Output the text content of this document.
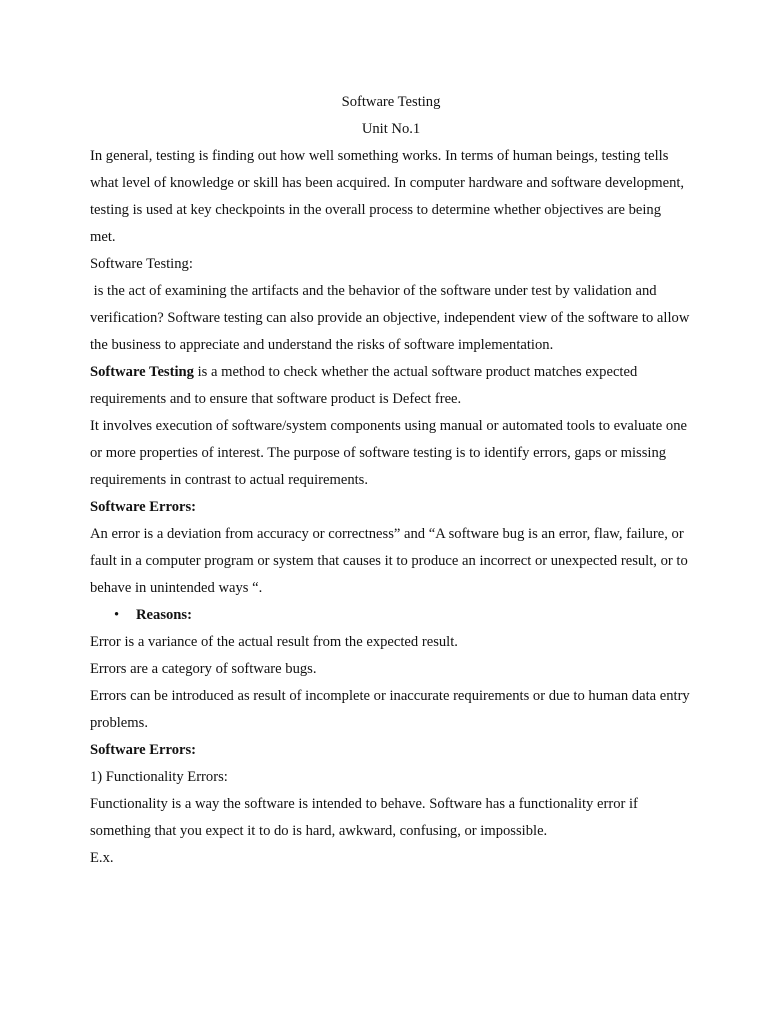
Software Testing

Unit No.1

In general, testing is finding out how well something works. In terms of human beings, testing tells what level of knowledge or skill has been acquired. In computer hardware and software development, testing is used at key checkpoints in the overall process to determine whether objectives are being met.

Software Testing:

is the act of examining the artifacts and the behavior of the software under test by validation and verification? Software testing can also provide an objective, independent view of the software to allow the business to appreciate and understand the risks of software implementation.

Software Testing is a method to check whether the actual software product matches expected requirements and to ensure that software product is Defect free.

It involves execution of software/system components using manual or automated tools to evaluate one or more properties of interest. The purpose of software testing is to identify errors, gaps or missing requirements in contrast to actual requirements.

Software Errors:

An error is a deviation from accuracy or correctness” and “A software bug is an error, flaw, failure, or fault in a computer program or system that causes it to produce an incorrect or unexpected result, or to behave in unintended ways “.

• Reasons:

Error is a variance of the actual result from the expected result.

Errors are a category of software bugs.

Errors can be introduced as result of incomplete or inaccurate requirements or due to human data entry problems.

Software Errors:

1) Functionality Errors:

Functionality is a way the software is intended to behave. Software has a functionality error if something that you expect it to do is hard, awkward, confusing, or impossible.

E.x.
